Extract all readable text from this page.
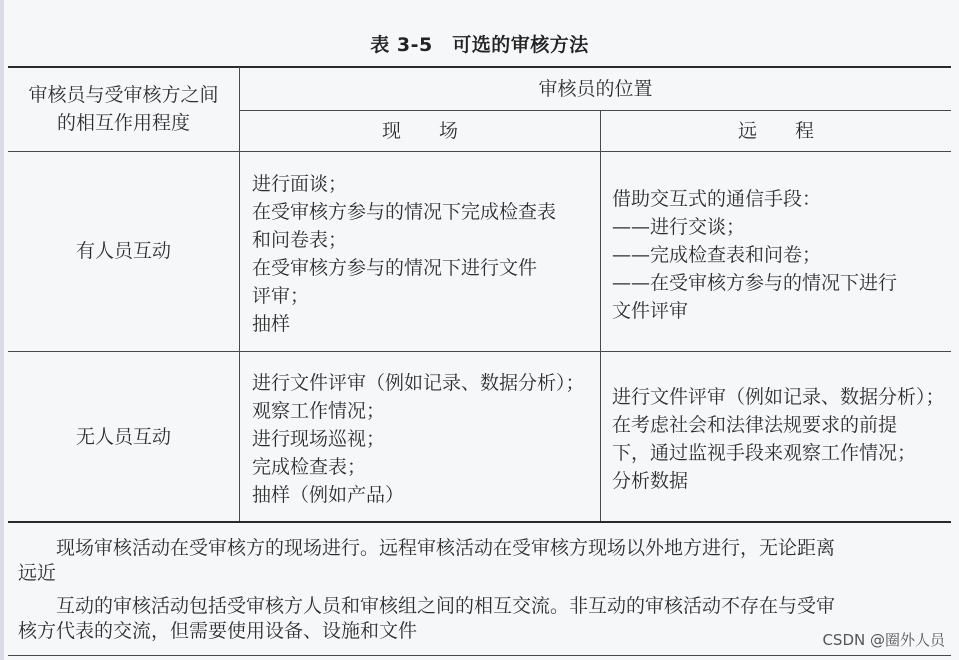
表 3-5　可选的审核方法
审核员与受审核方之间
的相互作用程度
审核员的位置
现　　场	远　　程
有人员互动
进行面谈；
在受审核方参与的情况下完成检查表
和问卷表；
在受审核方参与的情况下进行文件
评审；
抽样
借助交互式的通信手段：
——进行交谈；
——完成检查表和问卷；
——在受审核方参与的情况下进行
文件评审
无人员互动
进行文件评审（例如记录、数据分析）；
观察工作情况；
进行现场巡视；
完成检查表；
抽样（例如产品）
进行文件评审（例如记录、数据分析）；
在考虑社会和法律法规要求的前提
下，通过监视手段来观察工作情况；
分析数据

现场审核活动在受审核方的现场进行。远程审核活动在受审核方现场以外地方进行，无论距离

远近

互动的审核活动包括受审核方人员和审核组之间的相互交流。非互动的审核活动不存在与受审

核方代表的交流，但需要使用设备、设施和文件	CSDN @圈外人员
